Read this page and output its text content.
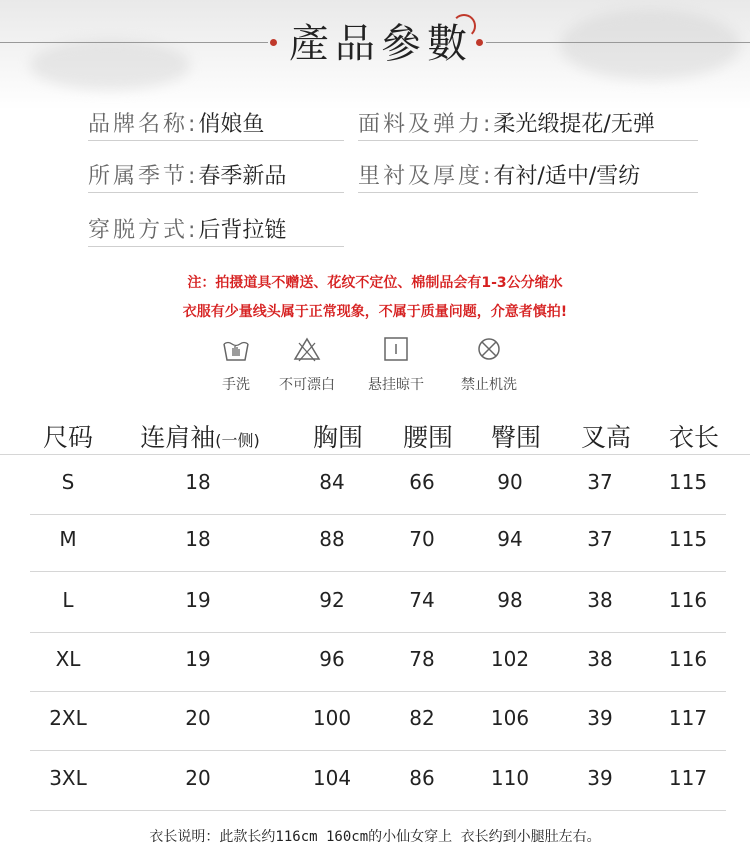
產品參數
品牌名称: 俏娘鱼	面料及弹力: 柔光缎提花/无弹
所属季节: 春季新品	里衬及厚度: 有衬/适中/雪纺
穿脱方式: 后背拉链
注：拍摄道具不赠送、花纹不定位、棉制品会有1-3公分缩水
衣服有少量线头属于正常现象，不属于质量问题，介意者慎拍!
手洗	不可漂白	悬挂晾干	禁止机洗
尺码	连肩袖(一侧)	胸围	腰围	臀围	叉高	衣长
S	18	84	66	90	37	115
M	18	88	70	94	37	115
L	19	92	74	98	38	116
XL	19	96	78	102	38	116
2XL	20	100	82	106	39	117
3XL	20	104	86	110	39	117
衣长说明：此款长约116cm 160cm的小仙女穿上 衣长约到小腿肚左右。
